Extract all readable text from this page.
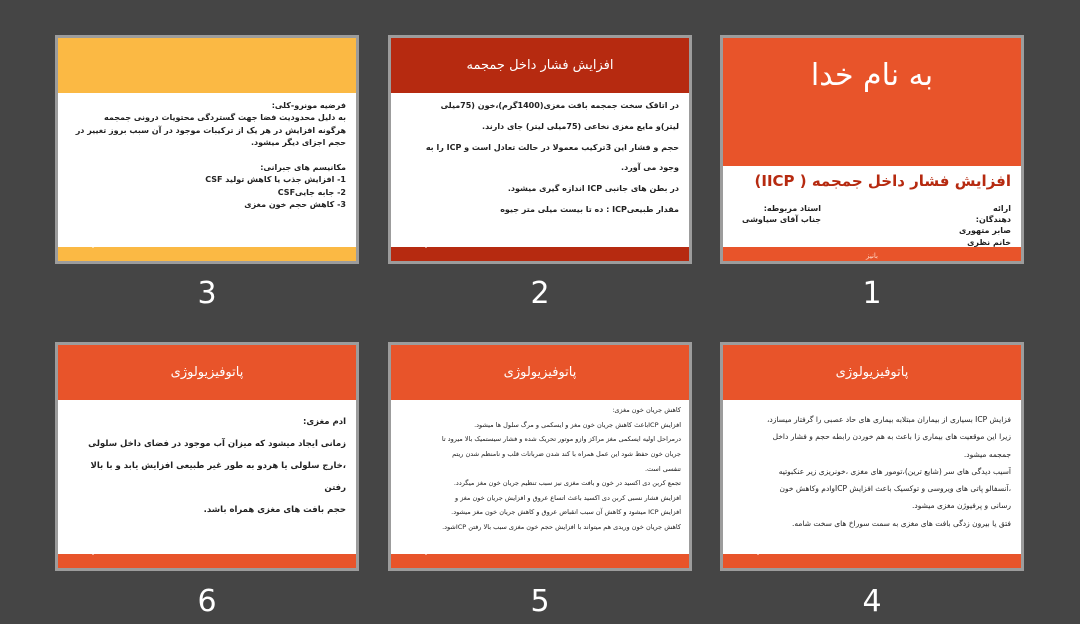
فرضیه مونرو-کلی:

به دلیل محدودیت فضا جهت گستردگی محتویات درونی جمجمه

هرگونه افزایش در هر یک از ترکیبات موجود در آن سبب بروز تغییر در

حجم اجزای دیگر میشود.

مکانیسم های جبرانی:

1- افزایش جذب یا کاهش تولید CSF

2- جابه جاییCSF

3- کاهش حجم خون مغزی

3
افزایش فشار داخل جمجمه

در اتاقک سخت جمجمه بافت مغزی(1400گرم)،خون (75میلی

لیتر)و مایع مغزی نخاعی (75میلی لیتر) جای دارند.

حجم و فشار این 3ترکیب معمولا در حالت تعادل است و ICP را به

وجود می آورد.

در بطن های جانبی ICP اندازه گیری میشود.

مقدار طبیعیICP : ده تا بیست میلی متر جیوه

2
به نام خدا
افزایش فشار داخل جمجمه ( IICP)
ارائه
دهندگان:
صابر متهوری
خانم نظری
استاد مربوطه:
جناب آقای سیاوشی
بانیز
1
پاتوفیزیولوژی

ادم مغزی:

زمانی ایجاد میشود که میزان آب موجود در فضای داخل سلولی

،خارج سلولی یا هردو به طور غیر طبیعی افزایش یابد و با بالا رفتن

حجم بافت های مغزی همراه باشد.

6
پاتوفیزیولوژی

کاهش جریان خون مغزی:

افزایش ICPباعث کاهش جریان خون مغز و ایسکمی و مرگ سلول ها میشود.

درمراحل اولیه ایسکمی مغز مراکز وازو موتور تحریک شده و فشار سیستمیک بالا میرود تا

جریان خون حفظ شود این عمل همراه با کند شدن ضربانات قلب و نامنظم شدن ریتم

تنفسی است.

تجمع کربن دی اکسید در خون و بافت مغزی نیز سبب تنظیم جریان خون مغز میگردد.

افزایش فشار نسبی کربن دی اکسید باعث اتساع عروق و افزایش جریان خون مغز و

افزایش ICP میشود و کاهش آن سبب انقباض عروق و کاهش جریان خون مغز میشود.

کاهش جریان خون وریدی هم میتواند با افزایش حجم خون مغزی سبب بالا رفتن ICPشود.

5
پاتوفیزیولوژی

فزایش ICP بسیاری از بیماران مبتلابه بیماری های حاد عصبی را گرفتار میسازد،

زیرا این موقعیت های بیماری زا باعث به هم خوردن رابطه حجم و فشار داخل

جمجمه میشود.

آسیب دیدگی های سر (شایع ترین)،تومور های مغزی ،خونریزی زیر عنکبوتیه

،آنسفالو پاتی های ویروسی و توکسیک باعث افزایش ICPوادم وکاهش خون

رسانی و پرفیوژن مغزی میشود.

فتق یا بیرون زدگی بافت های مغزی به سمت سوراخ های سخت شامه.

4
